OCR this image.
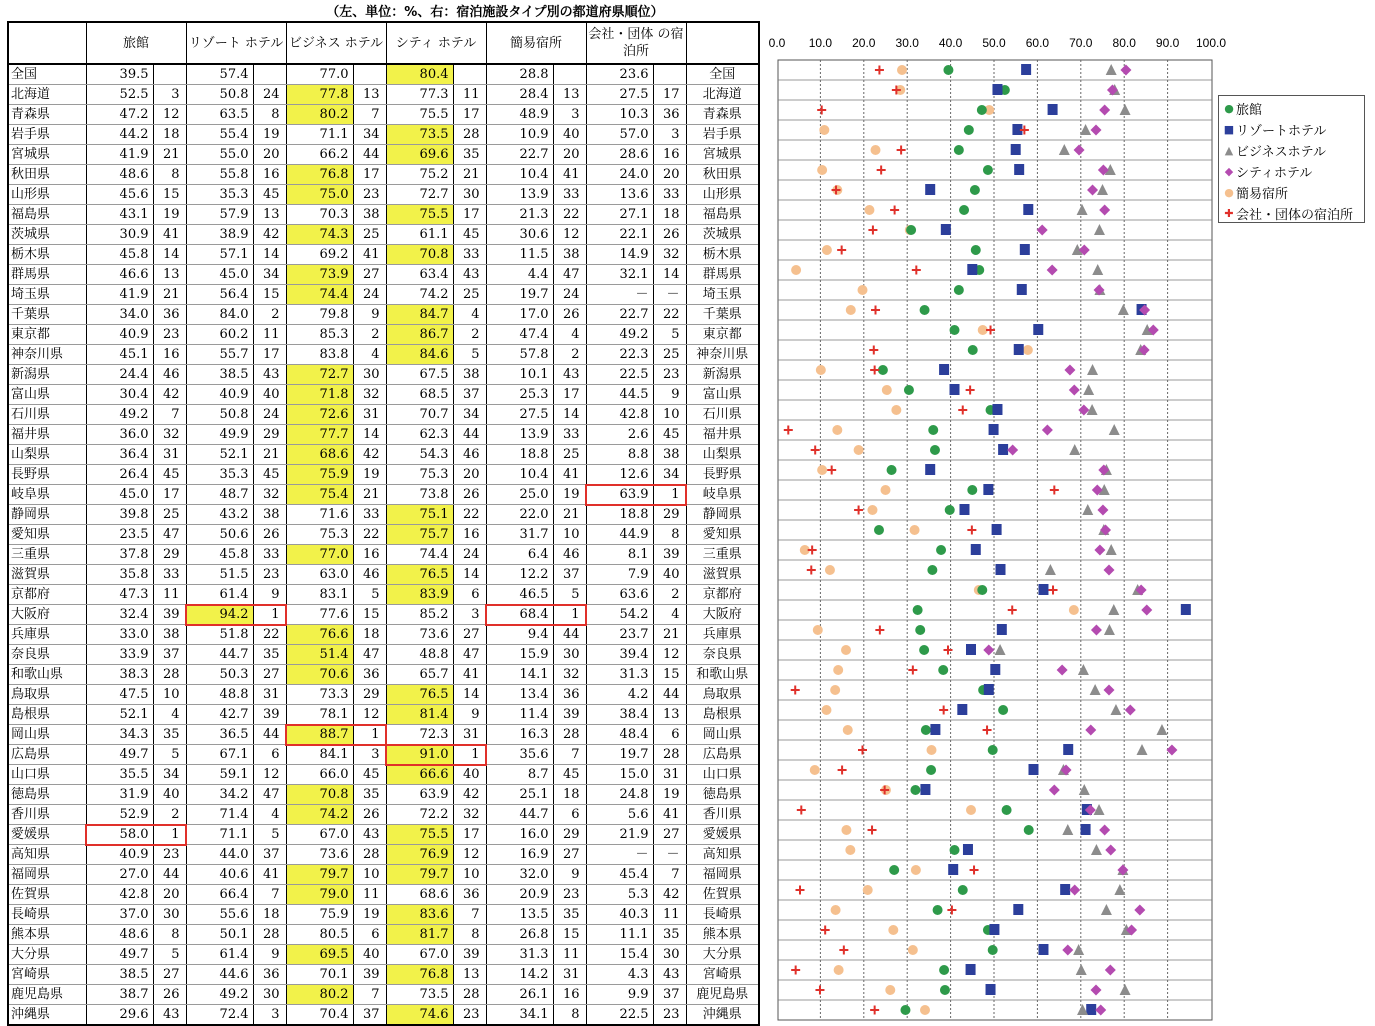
（左、単位：%、右：宿泊施設タイプ別の都道府県順位）
	旅館		リゾート ホテル		ビジネス ホテル		シティ ホテル		簡易宿所		会社・団体 の宿泊所		
全国	39.5		57.4		77.0		80.4		28.8		23.6		全国
北海道	52.5	3	50.8	24	77.8	13	77.3	11	28.4	13	27.5	17	北海道
青森県	47.2	12	63.5	8	80.2	7	75.5	17	48.9	3	10.3	36	青森県
岩手県	44.2	18	55.4	19	71.1	34	73.5	28	10.9	40	57.0	3	岩手県
宮城県	41.9	21	55.0	20	66.2	44	69.6	35	22.7	20	28.6	16	宮城県
秋田県	48.6	8	55.8	16	76.8	17	75.2	21	10.4	41	24.0	20	秋田県
山形県	45.6	15	35.3	45	75.0	23	72.7	30	13.9	33	13.6	33	山形県
福島県	43.1	19	57.9	13	70.3	38	75.5	17	21.3	22	27.1	18	福島県
茨城県	30.9	41	38.9	42	74.3	25	61.1	45	30.6	12	22.1	26	茨城県
栃木県	45.8	14	57.1	14	69.2	41	70.8	33	11.5	38	14.9	32	栃木県
群馬県	46.6	13	45.0	34	73.9	27	63.4	43	4.4	47	32.1	14	群馬県
埼玉県	41.9	21	56.4	15	74.4	24	74.2	25	19.7	24	－	－	埼玉県
千葉県	34.0	36	84.0	2	79.8	9	84.7	4	17.0	26	22.7	22	千葉県
東京都	40.9	23	60.2	11	85.3	2	86.7	2	47.4	4	49.2	5	東京都
神奈川県	45.1	16	55.7	17	83.8	4	84.6	5	57.8	2	22.3	25	神奈川県
新潟県	24.4	46	38.5	43	72.7	30	67.5	38	10.1	43	22.5	23	新潟県
富山県	30.4	42	40.9	40	71.8	32	68.5	37	25.3	17	44.5	9	富山県
石川県	49.2	7	50.8	24	72.6	31	70.7	34	27.5	14	42.8	10	石川県
福井県	36.0	32	49.9	29	77.7	14	62.3	44	13.9	33	2.6	45	福井県
山梨県	36.4	31	52.1	21	68.6	42	54.3	46	18.8	25	8.8	38	山梨県
長野県	26.4	45	35.3	45	75.9	19	75.3	20	10.4	41	12.6	34	長野県
岐阜県	45.0	17	48.7	32	75.4	21	73.8	26	25.0	19	63.9	1	岐阜県
静岡県	39.8	25	43.2	38	71.6	33	75.1	22	22.0	21	18.8	29	静岡県
愛知県	23.5	47	50.6	26	75.3	22	75.7	16	31.7	10	44.9	8	愛知県
三重県	37.8	29	45.8	33	77.0	16	74.4	24	6.4	46	8.1	39	三重県
滋賀県	35.8	33	51.5	23	63.0	46	76.5	14	12.2	37	7.9	40	滋賀県
京都府	47.3	11	61.4	9	83.1	5	83.9	6	46.5	5	63.6	2	京都府
大阪府	32.4	39	94.2	1	77.6	15	85.2	3	68.4	1	54.2	4	大阪府
兵庫県	33.0	38	51.8	22	76.6	18	73.6	27	9.4	44	23.7	21	兵庫県
奈良県	33.9	37	44.7	35	51.4	47	48.8	47	15.9	30	39.4	12	奈良県
和歌山県	38.3	28	50.3	27	70.6	36	65.7	41	14.1	32	31.3	15	和歌山県
鳥取県	47.5	10	48.8	31	73.3	29	76.5	14	13.4	36	4.2	44	鳥取県
島根県	52.1	4	42.7	39	78.1	12	81.4	9	11.4	39	38.4	13	島根県
岡山県	34.3	35	36.5	44	88.7	1	72.3	31	16.3	28	48.4	6	岡山県
広島県	49.7	5	67.1	6	84.1	3	91.0	1	35.6	7	19.7	28	広島県
山口県	35.5	34	59.1	12	66.0	45	66.6	40	8.7	45	15.0	31	山口県
徳島県	31.9	40	34.2	47	70.8	35	63.9	42	25.1	18	24.8	19	徳島県
香川県	52.9	2	71.4	4	74.2	26	72.2	32	44.7	6	5.6	41	香川県
愛媛県	58.0	1	71.1	5	67.0	43	75.5	17	16.0	29	21.9	27	愛媛県
高知県	40.9	23	44.0	37	73.6	28	76.9	12	16.9	27	－	－	高知県
福岡県	27.0	44	40.6	41	79.7	10	79.7	10	32.0	9	45.4	7	福岡県
佐賀県	42.8	20	66.4	7	79.0	11	68.6	36	20.9	23	5.3	42	佐賀県
長崎県	37.0	30	55.6	18	75.9	19	83.6	7	13.5	35	40.3	11	長崎県
熊本県	48.6	8	50.1	28	80.5	6	81.7	8	26.8	15	11.1	35	熊本県
大分県	49.7	5	61.4	9	69.5	40	67.0	39	31.3	11	15.4	30	大分県
宮崎県	38.5	27	44.6	36	70.1	39	76.8	13	14.2	31	4.3	43	宮崎県
鹿児島県	38.7	26	49.2	30	80.2	7	73.5	28	26.1	16	9.9	37	鹿児島県
沖縄県	29.6	43	72.4	3	70.4	37	74.6	23	34.1	8	22.5	23	沖縄県
0.0 10.0 20.0 30.0 40.0 50.0 60.0 70.0 80.0 90.0 100.0
● 旅館
■ リゾートホテル
▲ ビジネスホテル
◆ シティホテル
● 簡易宿所
✚ 会社・団体の宿泊所
